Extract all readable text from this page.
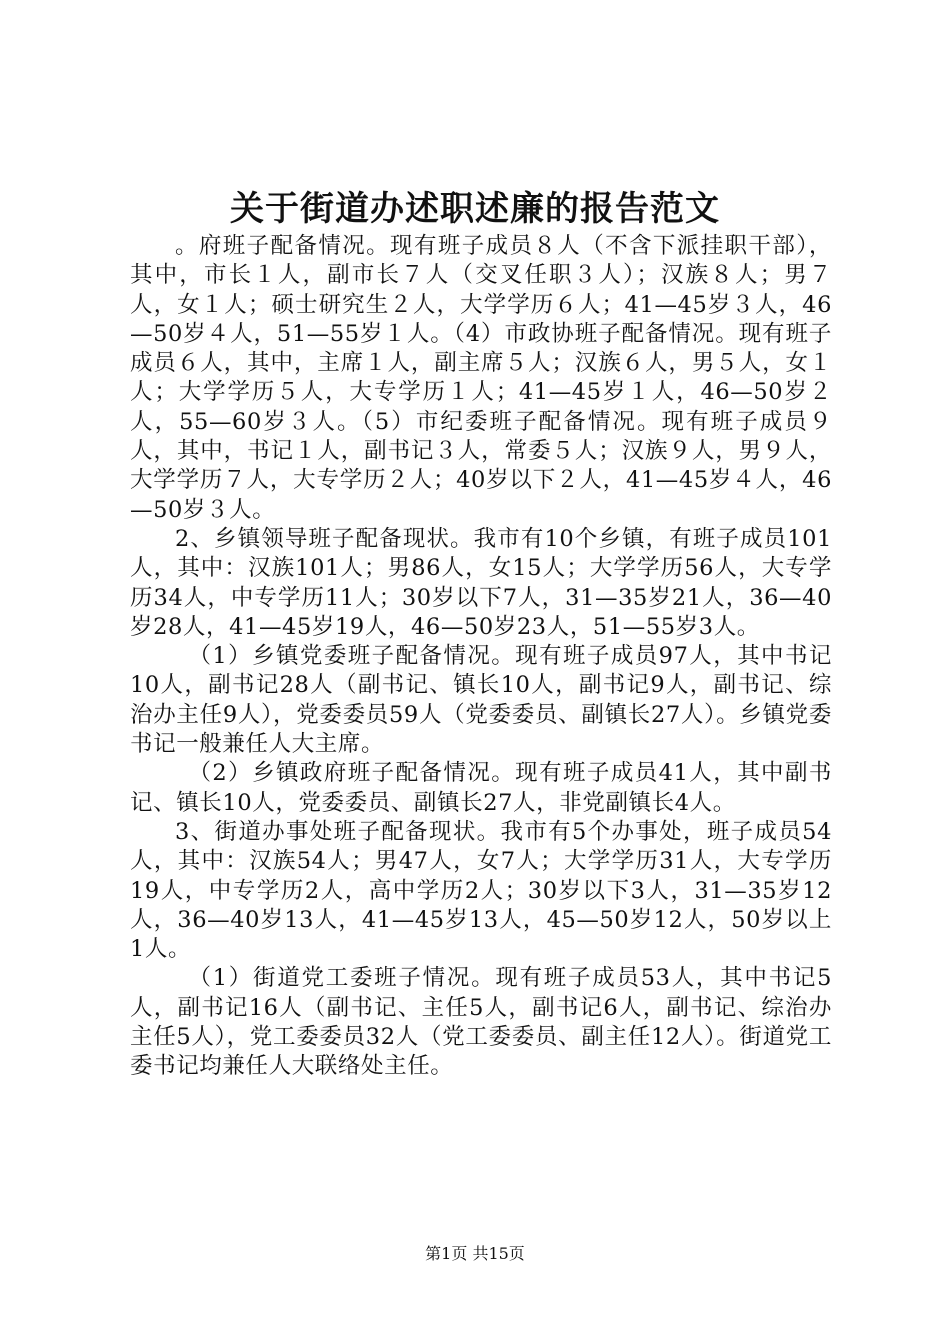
关于街道办述职述廉的报告范文

。府班子配备情况。现有班子成员８人（不含下派挂职干部），其中，市长１人，副市长７人（交叉任职３人）；汉族８人；男７人，女１人；硕士研究生２人，大学学历６人；41—45岁３人，46—50岁４人，51—55岁１人。（4）市政协班子配备情况。现有班子成员６人，其中，主席１人，副主席５人；汉族６人，男５人，女１人；大学学历５人，大专学历１人；41—45岁１人，46—50岁２人，55—60岁３人。（5）市纪委班子配备情况。现有班子成员９人，其中，书记１人，副书记３人，常委５人；汉族９人，男９人，大学学历７人，大专学历２人；40岁以下２人，41—45岁４人，46—50岁３人。

2、乡镇领导班子配备现状。我市有10个乡镇，有班子成员101人，其中：汉族101人；男86人，女15人；大学学历56人，大专学历34人，中专学历11人；30岁以下7人，31—35岁21人，36—40岁28人，41—45岁19人，46—50岁23人，51—55岁3人。

（1）乡镇党委班子配备情况。现有班子成员97人，其中书记10人，副书记28人（副书记、镇长10人，副书记9人，副书记、综治办主任9人），党委委员59人（党委委员、副镇长27人）。乡镇党委书记一般兼任人大主席。

（2）乡镇政府班子配备情况。现有班子成员41人，其中副书记、镇长10人，党委委员、副镇长27人，非党副镇长4人。

3、街道办事处班子配备现状。我市有5个办事处，班子成员54人，其中：汉族54人；男47人，女7人；大学学历31人，大专学历19人，中专学历2人，高中学历2人；30岁以下3人，31—35岁12人，36—40岁13人，41—45岁13人，45—50岁12人，50岁以上1人。

（1）街道党工委班子情况。现有班子成员53人，其中书记5人，副书记16人（副书记、主任5人，副书记6人，副书记、综治办主任5人），党工委委员32人（党工委委员、副主任12人）。街道党工委书记均兼任人大联络处主任。

第1页 共15页
